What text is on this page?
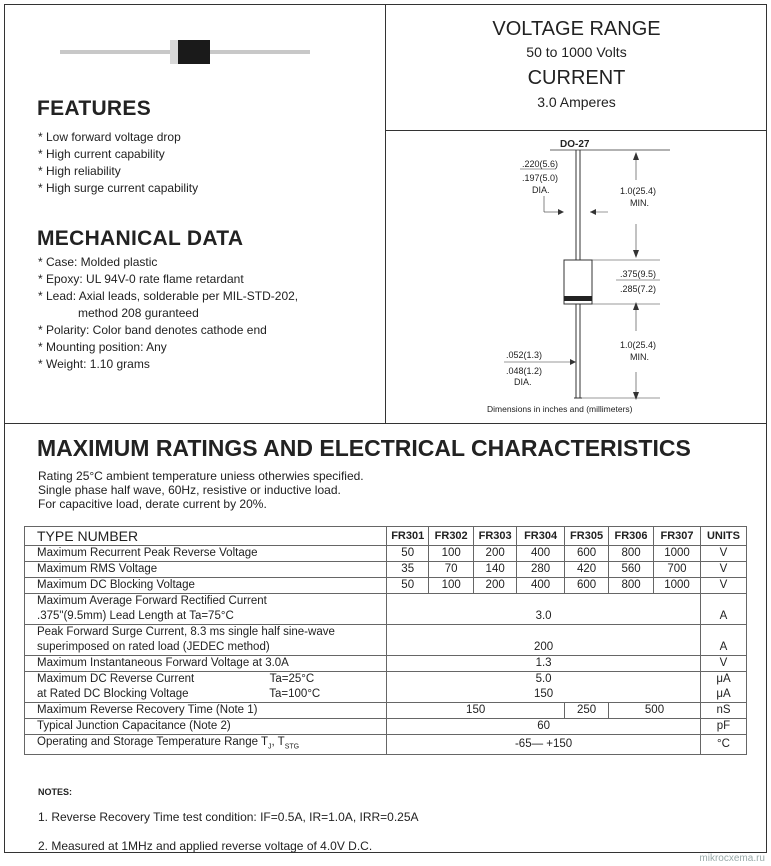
FEATURES
* Low forward voltage drop
* High current capability
* High reliability
* High surge current capability
MECHANICAL DATA
* Case: Molded plastic
* Epoxy: UL 94V-0 rate flame retardant
* Lead: Axial leads, solderable per MIL-STD-202,
method 208 guranteed
* Polarity: Color band denotes cathode end
* Mounting position: Any
* Weight: 1.10 grams
VOLTAGE RANGE
50 to 1000 Volts
CURRENT
3.0 Amperes
DO-27
.220(5.6)
.197(5.0)
DIA.	1.0(25.4)
MIN.
.375(9.5)
.285(7.2)
1.0(25.4)
MIN.
.052(1.3)
.048(1.2)
DIA.
Dimensions in inches and (millimeters)
MAXIMUM RATINGS AND ELECTRICAL CHARACTERISTICS
Rating 25°C ambient temperature uniess otherwies specified.
Single phase half wave, 60Hz, resistive or inductive load.
For capacitive load, derate current by 20%.
TYPE NUMBER	FR301	FR302	FR303	FR304	FR305	FR306	FR307	UNITS
Maximum Recurrent Peak Reverse Voltage	50	100	200	400	600	800	1000	V
Maximum RMS Voltage	35	70	140	280	420	560	700	V
Maximum DC Blocking Voltage	50	100	200	400	600	800	1000	V
Maximum Average Forward Rectified Current								
.375"(9.5mm) Lead Length at Ta=75°C	3.0							A
Peak Forward Surge Current, 8.3 ms single half sine-wave								
superimposed on rated load (JEDEC method)	200							A
Maximum Instantaneous Forward Voltage at 3.0A	1.3							V

Maximum DC Reverse Current Ta=25°C	5.0							μA

at Rated DC Blocking Voltage Ta=100°C	150							μA
Maximum Reverse Recovery Time (Note 1)	150				250	500		nS
Typical Junction Capacitance (Note 2)	60							pF
Operating and Storage Temperature Range $T_J$, $T_{STG}$	-65— +150							°C
NOTES:
1. Reverse Recovery Time test condition: IF=0.5A, IR=1.0A, IRR=0.25A
2. Measured at 1MHz and applied reverse voltage of 4.0V D.C.
mikrocxema.ru
